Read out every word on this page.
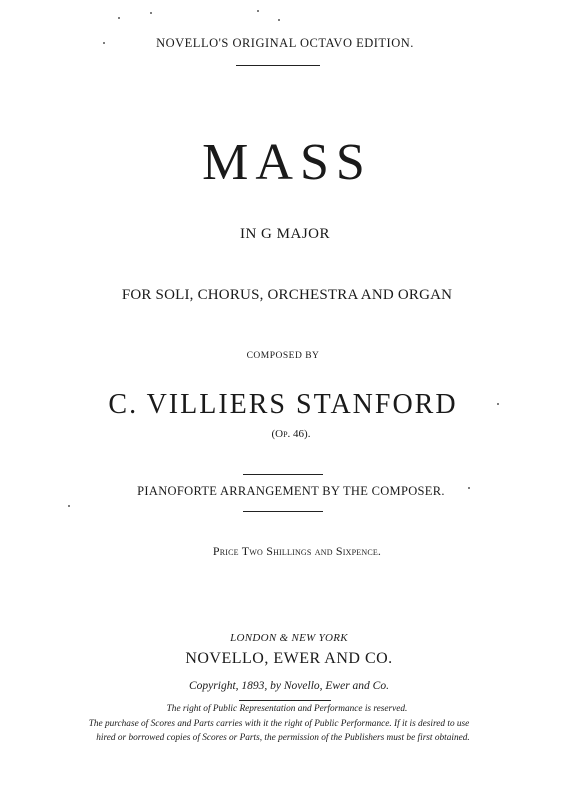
NOVELLO'S ORIGINAL OCTAVO EDITION.
MASS
IN G MAJOR
FOR SOLI, CHORUS, ORCHESTRA AND ORGAN
COMPOSED BY
C. VILLIERS STANFORD
(Op. 46).
PIANOFORTE ARRANGEMENT BY THE COMPOSER.
Price Two Shillings and Sixpence.
LONDON & NEW YORK
NOVELLO, EWER AND CO.
Copyright, 1893, by Novello, Ewer and Co.
The right of Public Representation and Performance is reserved.
The purchase of Scores and Parts carries with it the right of Public Performance. If it is desired to use
hired or borrowed copies of Scores or Parts, the permission of the Publishers must be first obtained.
